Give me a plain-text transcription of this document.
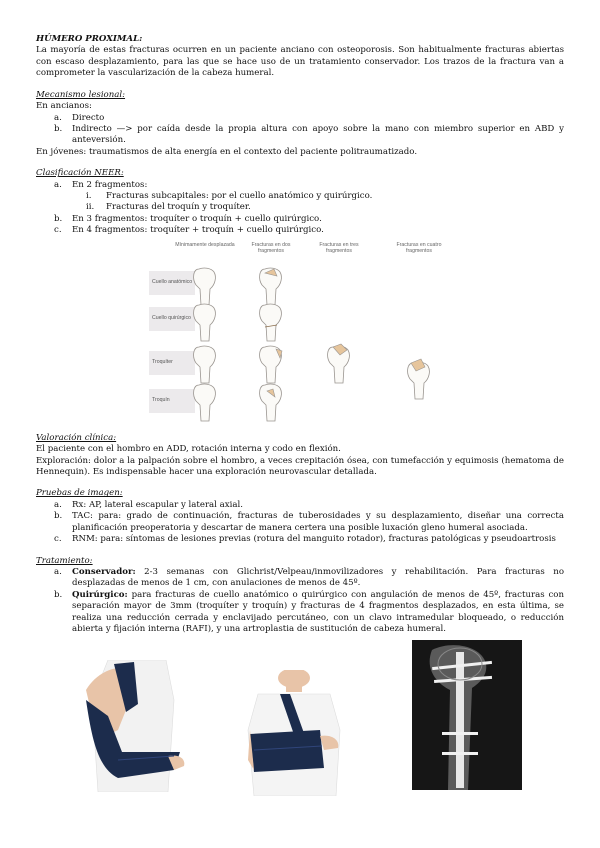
HÚMERO PROXIMAL:

La mayoría de estas fracturas ocurren en un paciente anciano con osteoporosis. Son habitualmente fracturas abiertas con escaso desplazamiento, para las que se hace uso de un tratamiento conservador. Los trazos de la fractura van a comprometer la vascularización de la cabeza humeral.

Mecanismo lesional:

En ancianos:

a.	Directo
b.	Indirecto —> por caída desde la propia altura con apoyo sobre la mano con miembro superior en ABD y anteversión.

En jóvenes: traumatismos de alta energía en el contexto del paciente politraumatizado.

Clasificación NEER:

a.	En 2 fragmentos:
i.	Fracturas subcapitales: por el cuello anatómico y quirúrgico.
ii.	Fracturas del troquín y troquíter.
b.	En 3 fragmentos: troquíter o troquín + cuello quirúrgico.
c.	En 4 fragmentos: troquíter + troquín + cuello quirúrgico.
Mínimamente desplazada	Fracturas en dos fragmentos
Fracturas en tres fragmentos
Fracturas en cuatro fragmentos
Cuello anatómico
Cuello quirúrgico
Troquíter
Troquín

Valoración clínica:

El paciente con el hombro en ADD, rotación interna y codo en flexión.

Exploración: dolor a la palpación sobre el hombro, a veces crepitación ósea, con tumefacción y equimosis (hematoma de Hennequin). Es indispensable hacer una exploración neurovascular detallada.

Pruebas de imagen:

a.	Rx: AP, lateral escapular y lateral axial.
b.	TAC: para: grado de continuación, fracturas de tuberosidades y su desplazamiento, diseñar una correcta planificación preoperatoria y descartar de manera certera una posible luxación gleno humeral asociada.
c.	RNM: para: síntomas de lesiones previas (rotura del manguito rotador), fracturas patológicas y pseudoartrosis

Tratamiento:

a.	Conservador: 2-3 semanas con Glichrist/Velpeau/inmovilizadores y rehabilitación. Para fracturas no desplazadas de menos de 1 cm, con anulaciones de menos de 45º.
b.	Quirúrgico: para fracturas de cuello anatómico o quirúrgico con angulación de menos de 45º, fracturas con separación mayor de 3mm (troquíter y troquín) y fracturas de 4 fragmentos desplazados, en esta última, se realiza una reducción cerrada y enclavijado percutáneo, con un clavo intramedular bloqueado, o reducción abierta y fijación interna (RAFI), y una artroplastia de sustitución de cabeza humeral.
